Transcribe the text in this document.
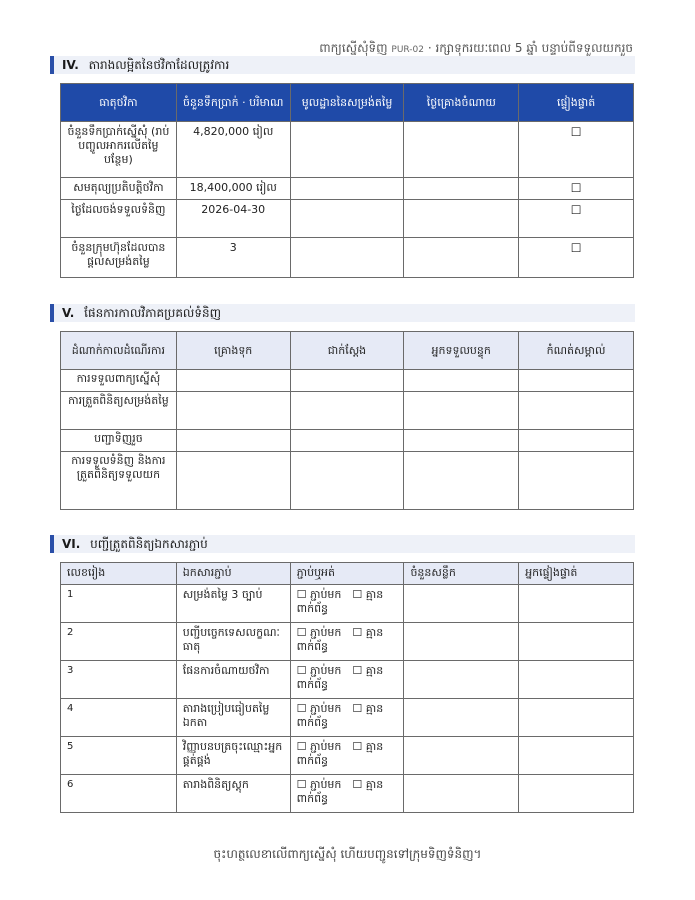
ពាក្យស្នើសុំទិញ PUR-02 · រក្សាទុករយៈពេល 5 ឆ្នាំ បន្ទាប់ពីទទួលយករួច
IV. តារាងលម្អិតនៃថវិកាដែលត្រូវការ
ធាតុថវិកា	ចំនួនទឹកប្រាក់ · បរិមាណ	មូលដ្ឋាននៃសម្រង់តម្លៃ	ថ្ងៃគ្រោងចំណាយ	ផ្ទៀងផ្ទាត់
ចំនួនទឹកប្រាក់ស្នើសុំ (រាប់បញ្ចូលអាករលើតម្លៃបន្ថែម)	4,820,000 រៀល			☐
សមតុល្យប្រតិបត្តិថវិកា	18,400,000 រៀល			☐
ថ្ងៃដែលចង់ទទួលទំនិញ	2026-04-30			☐
ចំនួនក្រុមហ៊ុនដែលបានផ្តល់សម្រង់តម្លៃ	3			☐
V. ផែនការកាលវិភាគប្រគល់ទំនិញ
ដំណាក់កាលដំណើរការ	គ្រោងទុក	ជាក់ស្តែង	អ្នកទទួលបន្ទុក	កំណត់សម្គាល់
ការទទួលពាក្យស្នើសុំ				
ការត្រួតពិនិត្យសម្រង់តម្លៃ				
បញ្ជាទិញរួច				
ការទទួលទំនិញ និងការត្រួតពិនិត្យទទួលយក				
VI. បញ្ជីត្រួតពិនិត្យឯកសារភ្ជាប់
លេខរៀង	ឯកសារភ្ជាប់	ភ្ជាប់ឬអត់	ចំនួនសន្លឹក	អ្នកផ្ទៀងផ្ទាត់
1	សម្រង់តម្លៃ 3 ច្បាប់	☐ ភ្ជាប់មក　☐ គ្មានពាក់ព័ន្ធ		
2	បញ្ជីបច្ចេកទេសលក្ខណៈធាតុ	☐ ភ្ជាប់មក　☐ គ្មានពាក់ព័ន្ធ		
3	ផែនការចំណាយថវិកា	☐ ភ្ជាប់មក　☐ គ្មានពាក់ព័ន្ធ		
4	តារាងប្រៀបធៀបតម្លៃឯកតា	☐ ភ្ជាប់មក　☐ គ្មានពាក់ព័ន្ធ		
5	វិញ្ញាបនបត្រចុះឈ្មោះអ្នកផ្គត់ផ្គង់	☐ ភ្ជាប់មក　☐ គ្មានពាក់ព័ន្ធ		
6	តារាងពិនិត្យស្តុក	☐ ភ្ជាប់មក　☐ គ្មានពាក់ព័ន្ធ		
ចុះហត្ថលេខាលើពាក្យស្នើសុំ ហើយបញ្ជូនទៅក្រុមទិញទំនិញ។
